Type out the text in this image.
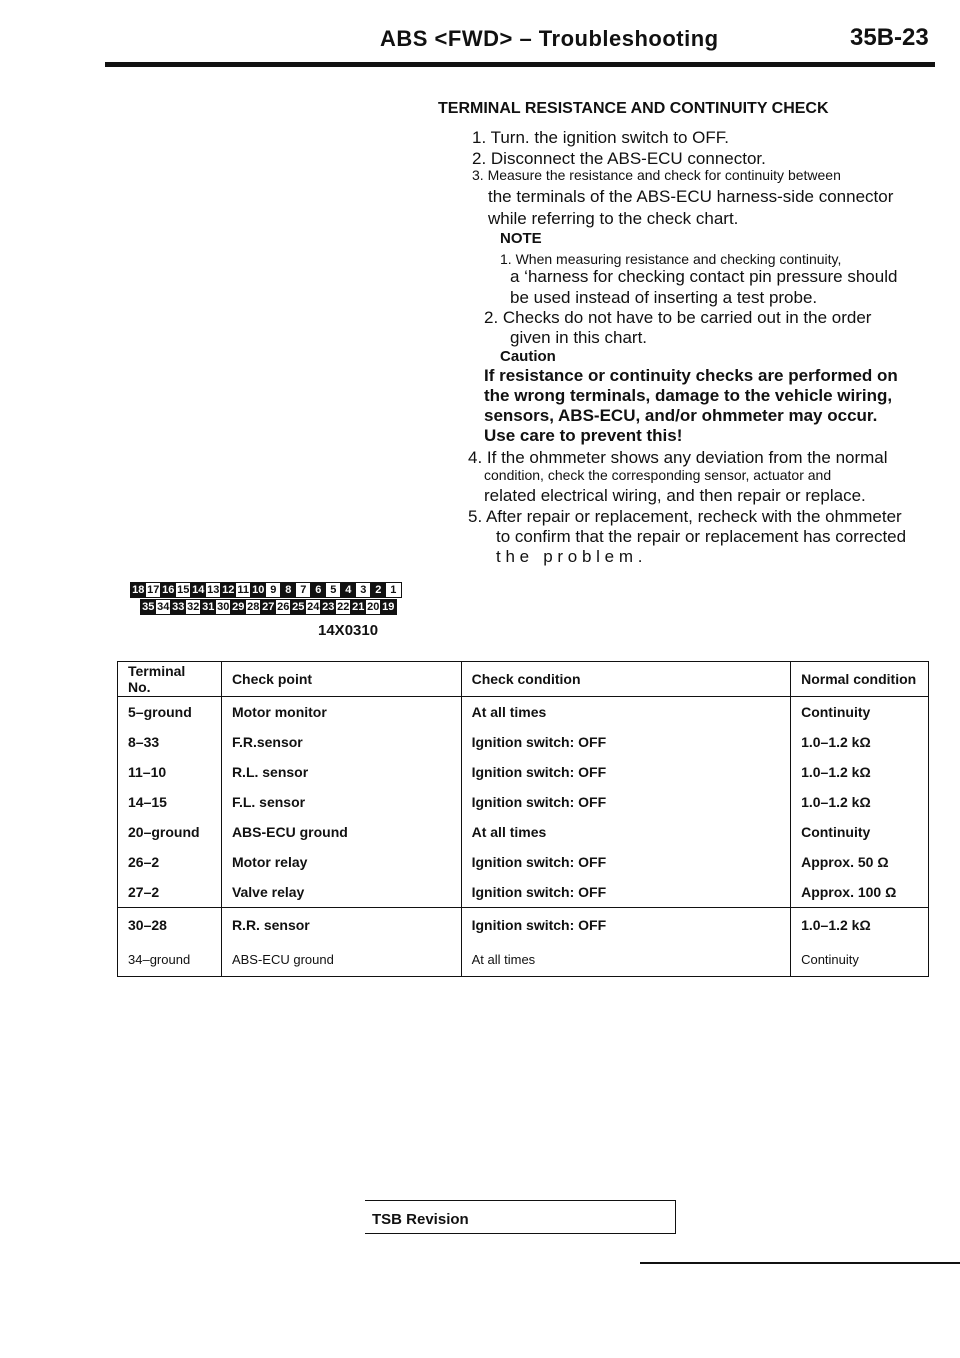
ABS <FWD> – Troubleshooting	35B-23
TERMINAL RESISTANCE AND CONTINUITY CHECK
1. Turn. the ignition switch to OFF.
2. Disconnect the ABS-ECU connector.
3. Measure the resistance and check for continuity between
the terminals of the ABS-ECU harness-side connector
while referring to the check chart.
NOTE
1. When measuring resistance and checking continuity,
a ‘harness for checking contact pin pressure should
be used instead of inserting a test probe.
2. Checks do not have to be carried out in the order
given in this chart.
Caution
If resistance or continuity checks are performed on
the wrong terminals, damage to the vehicle wiring,
sensors, ABS-ECU, and/or ohmmeter may occur.
Use care to prevent this!
4. If the ohmmeter shows any deviation from the normal
condition, check the corresponding sensor, actuator and
related electrical wiring, and then repair or replace.
5. After repair or replacement, recheck with the ohmmeter
to confirm that the repair or replacement has corrected
t h e   p r o b l e m .
18 17 16 15 14 13 12 11 10 9 8 7 6 5 4 3 2 1
35 34 33 32 31 30 29 28 27 26 25 24 23 22 21 20 19
14X0310
Terminal No.	Check point	Check condition	Normal condition
5–ground	Motor monitor	At all times	Continuity
8–33	F.R.sensor	Ignition switch: OFF	1.0–1.2 kΩ
11–10	R.L. sensor	Ignition switch: OFF	1.0–1.2 kΩ
14–15	F.L. sensor	Ignition switch: OFF	1.0–1.2 kΩ
20–ground	ABS-ECU ground	At all times	Continuity
26–2	Motor relay	Ignition switch: OFF	Approx. 50 Ω
27–2	Valve relay	Ignition switch: OFF	Approx. 100 Ω
30–28	R.R. sensor	Ignition switch: OFF	1.0–1.2 kΩ
34–ground	ABS-ECU ground	At all times	Continuity
TSB Revision
